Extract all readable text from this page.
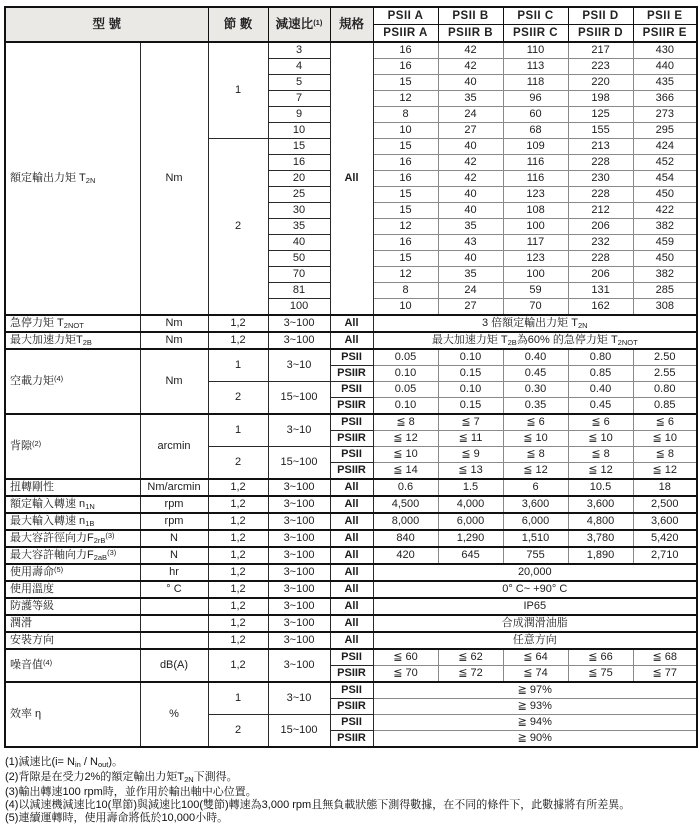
型 號		節 數	減速比$^{(1)}$	規格	PSII A	PSII B	PSII C	PSII D	PSII E
					PSIIR A	PSIIR B	PSIIR C	PSIIR D	PSIIR E
額定輸出力矩 $T_{2N}$	Nm	1	3	All	16	42	110	217	430
			4		16	42	113	223	440
			5		15	40	118	220	435
			7		12	35	96	198	366
			9		8	24	60	125	273
			10		10	27	68	155	295
		2	15		15	40	109	213	424
			16		16	42	116	228	452
			20		16	42	116	230	454
			25		15	40	123	228	450
			30		15	40	108	212	422
			35		12	35	100	206	382
			40		16	43	117	232	459
			50		15	40	123	228	450
			70		12	35	100	206	382
			81		8	24	59	131	285
			100		10	27	70	162	308
急停力矩 $T_{2NOT}$	Nm	1,2	3~100	All	3 倍額定輸出力矩 $T_{2N}$
最大加速力矩$T_{2B}$	Nm	1,2	3~100	All	最大加速力矩 $T_{2B}$為60% 的急停力矩 $T_{2NOT}$
空載力矩$^{(4)}$	Nm	1	3~10	PSII	0.05	0.10	0.40	0.80	2.50
				PSIIR	0.10	0.15	0.45	0.85	2.55
		2	15~100	PSII	0.05	0.10	0.30	0.40	0.80
				PSIIR	0.10	0.15	0.35	0.45	0.85
背隙$^{(2)}$	arcmin	1	3~10	PSII	≦ 8	≦ 7	≦ 6	≦ 6	≦ 6
				PSIIR	≦ 12	≦ 11	≦ 10	≦ 10	≦ 10
		2	15~100	PSII	≦ 10	≦ 9	≦ 8	≦ 8	≦ 8
				PSIIR	≦ 14	≦ 13	≦ 12	≦ 12	≦ 12
扭轉剛性	Nm/arcmin	1,2	3~100	All	0.6	1.5	6	10.5	18
額定輸入轉速 $n_{1N}$	rpm	1,2	3~100	All	4,500	4,000	3,600	3,600	2,500
最大輸入轉速 $n_{1B}$	rpm	1,2	3~100	All	8,000	6,000	6,000	4,800	3,600
最大容許徑向力$F_{2rB}^{(3)}$	N	1,2	3~100	All	840	1,290	1,510	3,780	5,420
最大容許軸向力$F_{2aB}^{(3)}$	N	1,2	3~100	All	420	645	755	1,890	2,710
使用壽命$^{(5)}$	hr	1,2	3~100	All	20,000				
使用溫度	° C	1,2	3~100	All	0° C~ +90° C				
防護等級		1,2	3~100	All	IP65				
潤滑		1,2	3~100	All	合成潤滑油脂				
安裝方向		1,2	3~100	All	任意方向				
噪音值$^{(4)}$	dB(A)	1,2	3~100	PSII	≦ 60	≦ 62	≦ 64	≦ 66	≦ 68
				PSIIR	≦ 70	≦ 72	≦ 74	≦ 75	≦ 77
效率 η	%	1	3~10	PSII	≧ 97%				
				PSIIR	≧ 93%				
		2	15~100	PSII	≧ 94%				
				PSIIR	≧ 90%				

(1)減速比$(i= N_{in} / N_{out})$。

(2)背隙是在受力2%的額定輸出力矩$T_{2N}$下測得。

(3)輸出轉速100 rpm時，並作用於輸出軸中心位置。

(4)以減速機減速比10(單節)與減速比100(雙節)轉速為3,000 rpm且無負載狀態下測得數據，在不同的條件下，此數據將有所差異。

(5)連續運轉時，使用壽命將低於10,000小時。
